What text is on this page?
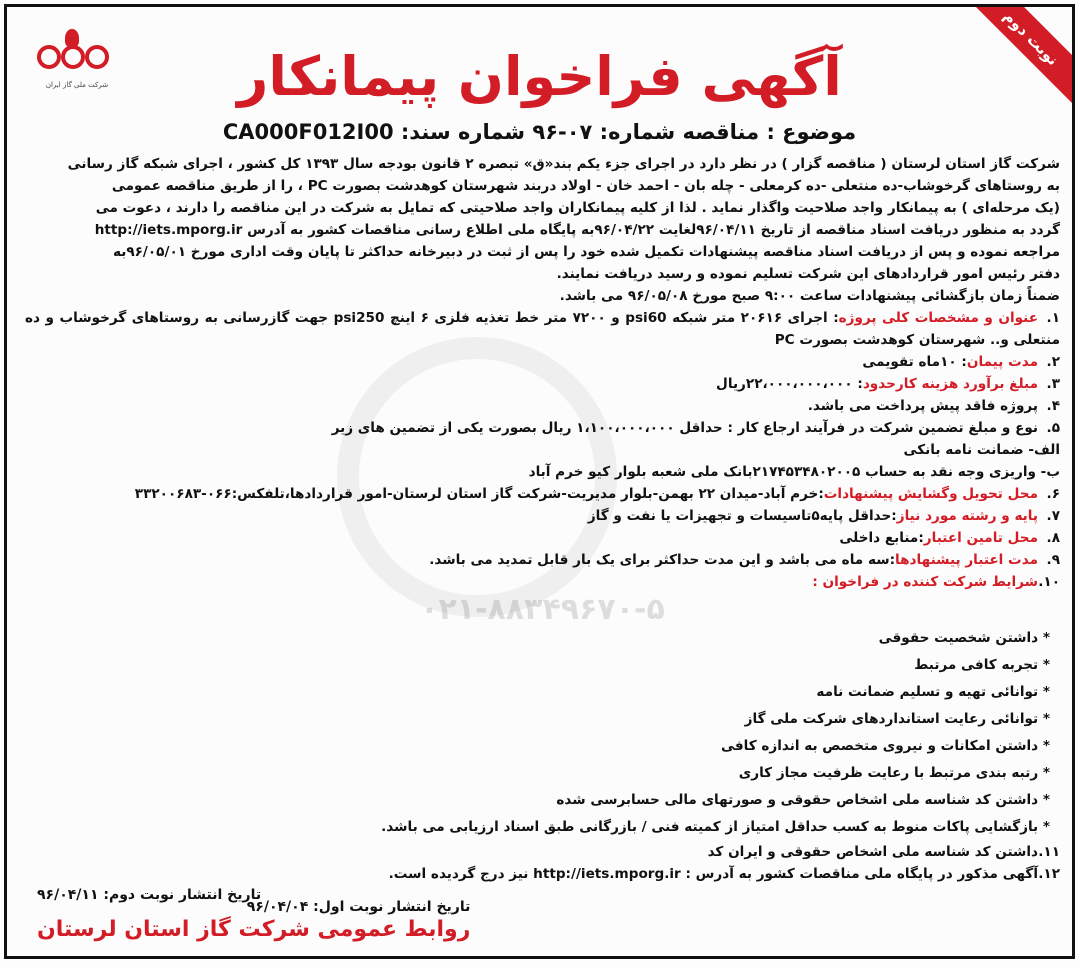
نوبت دوم
شرکت ملی گاز ایران	آگهی فراخوان پیمانکار
موضوع : مناقصه شماره: ۰۷-۹۶ شماره سند: CA000F012I00

شرکت گاز استان لرستان ( مناقصه گزار ) در نظر دارد در اجرای جزء یکم بند«ق» تبصره ۲ قانون بودجه سال ۱۳۹۳ کل کشور ، اجرای شبکه گاز رسانی

به روستاهای گرخوشاب-ده منتعلی -ده کرمعلی - چله بان - احمد خان - اولاد دربند شهرستان کوهدشت بصورت PC ، را از طریق مناقصه عمومی

(یک مرحله‌ای ) به پیمانکار واجد صلاحیت واگذار نماید . لذا از کلیه پیمانکاران واجد صلاحیتی که تمایل به شرکت در این مناقصه را دارند ، دعوت می

گردد به منظور دریافت اسناد مناقصه از تاریخ ۹۶/۰۴/۱۱لغایت ۹۶/۰۴/۲۲به پایگاه ملی اطلاع رسانی مناقصات کشور به آدرس http://iets.mporg.ir

مراجعه نموده و پس از دریافت اسناد مناقصه پیشنهادات تکمیل شده خود را پس از ثبت در دبیرخانه حداکثر تا پایان وقت اداری مورخ ۹۶/۰۵/۰۱به

دفتر رئیس امور قراردادهای این شرکت تسلیم نموده و رسید دریافت نمایند.

ضمناً زمان بازگشائی پیشنهادات ساعت ۹:۰۰ صبح مورخ ۹۶/۰۵/۰۸ می باشد.

۱.عنوان و مشخصات کلی پروژه: اجرای ۲۰۶۱۶ متر شبکه psi60 و ۷۲۰۰ متر خط تغذیه فلزی ۶ اینچ psi250 جهت گازرسانی به روستاهای گرخوشاب و ده منتعلی و.. شهرستان کوهدشت بصورت PC
۲.مدت پیمان: ۱۰ماه تقویمی
۳.مبلغ برآورد هزینه کارحدود: ۲۲،۰۰۰،۰۰۰،۰۰۰ریال
۴.پروژه فاقد پیش پرداخت می باشد.
۵.نوع و مبلغ تضمین شرکت در فرآیند ارجاع کار : حداقل ۱،۱۰۰،۰۰۰،۰۰۰ ریال بصورت یکی از تضمین های زیر

الف- ضمانت نامه بانکی

ب- واریزی وجه نقد به حساب ۲۱۷۴۵۳۴۸۰۲۰۰۵بانک ملی شعبه بلوار کیو خرم آباد

۶.محل تحویل وگشایش پیشنهادات:خرم آباد-میدان ۲۲ بهمن-بلوار مدیریت-شرکت گاز استان لرستان-امور قراردادها،تلفکس:۰۶۶-۳۳۲۰۰۶۸۳
۷.پایه و رشته مورد نیاز:حداقل پایه۵تاسیسات و تجهیزات یا نفت و گاز
۸.محل تامین اعتبار:منابع داخلی
۹.مدت اعتبار پیشنهادها:سه ماه می باشد و این مدت حداکثر برای یک بار قابل تمدید می باشد.
۱۰.شرایط شرکت کننده در فراخوان :

۰۲۱-۸۸۳۴۹۶۷۰-۵

* داشتن شخصیت حقوقی
* تجربه کافی مرتبط
* توانائی تهیه و تسلیم ضمانت نامه
* توانائی رعایت استانداردهای شرکت ملی گاز
* داشتن امکانات و نیروی متخصص به اندازه کافی
* رتبه بندی مرتبط با رعایت ظرفیت مجاز کاری
* داشتن کد شناسه ملی اشخاص حقوقی و صورتهای مالی حسابرسی شده
* بازگشایی پاکات منوط به کسب حداقل امتیاز از کمیته فنی / بازرگانی طبق اسناد ارزیابی می باشد.
۱۱.داشتن کد شناسه ملی اشخاص حقوقی و ایران کد
۱۲.آگهی مذکور در پایگاه ملی مناقصات کشور به آدرس : http://iets.mporg.ir نیز درج گردیده است.
تاریخ انتشار نوبت دوم: ۹۶/۰۴/۱۱
تاریخ انتشار نوبت اول: ۹۶/۰۴/۰۴
روابط عمومی شرکت گاز استان لرستان
